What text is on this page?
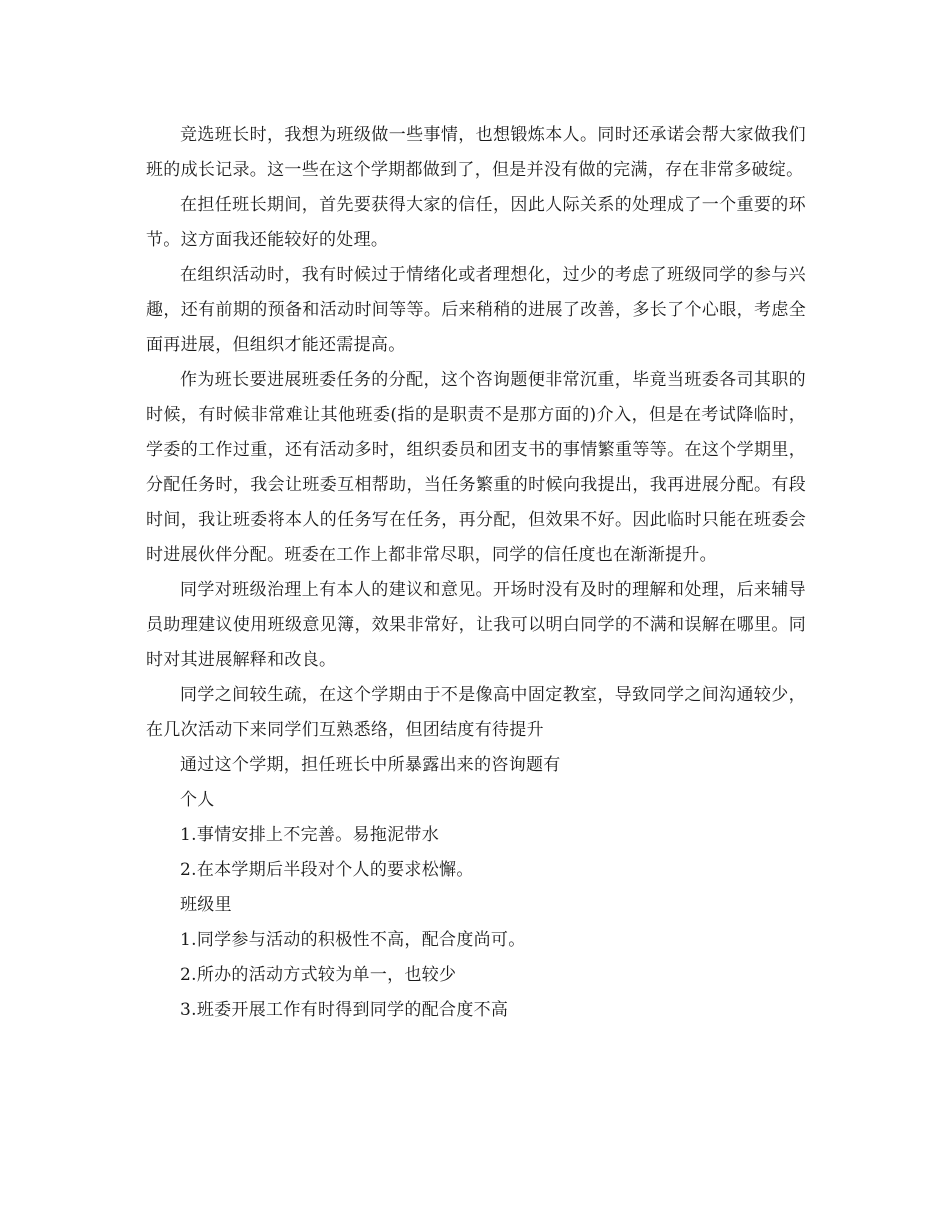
竞选班长时，我想为班级做一些事情，也想锻炼本人。同时还承诺会帮大家做我们班的成长记录。这一些在这个学期都做到了，但是并没有做的完满，存在非常多破绽。

在担任班长期间，首先要获得大家的信任，因此人际关系的处理成了一个重要的环节。这方面我还能较好的处理。

在组织活动时，我有时候过于情绪化或者理想化，过少的考虑了班级同学的参与兴趣，还有前期的预备和活动时间等等。后来稍稍的进展了改善，多长了个心眼，考虑全面再进展，但组织才能还需提高。

作为班长要进展班委任务的分配，这个咨询题便非常沉重，毕竟当班委各司其职的时候，有时候非常难让其他班委(指的是职责不是那方面的)介入，但是在考试降临时，学委的工作过重，还有活动多时，组织委员和团支书的事情繁重等等。在这个学期里，分配任务时，我会让班委互相帮助，当任务繁重的时候向我提出，我再进展分配。有段时间，我让班委将本人的任务写在任务，再分配，但效果不好。因此临时只能在班委会时进展伙伴分配。班委在工作上都非常尽职，同学的信任度也在渐渐提升。

同学对班级治理上有本人的建议和意见。开场时没有及时的理解和处理，后来辅导员助理建议使用班级意见簿，效果非常好，让我可以明白同学的不满和误解在哪里。同时对其进展解释和改良。

同学之间较生疏，在这个学期由于不是像高中固定教室，导致同学之间沟通较少，在几次活动下来同学们互熟悉络，但团结度有待提升

通过这个学期，担任班长中所暴露出来的咨询题有
个人
1.事情安排上不完善。易拖泥带水
2.在本学期后半段对个人的要求松懈。
班级里
1.同学参与活动的积极性不高，配合度尚可。
2.所办的活动方式较为单一，也较少
3.班委开展工作有时得到同学的配合度不高
